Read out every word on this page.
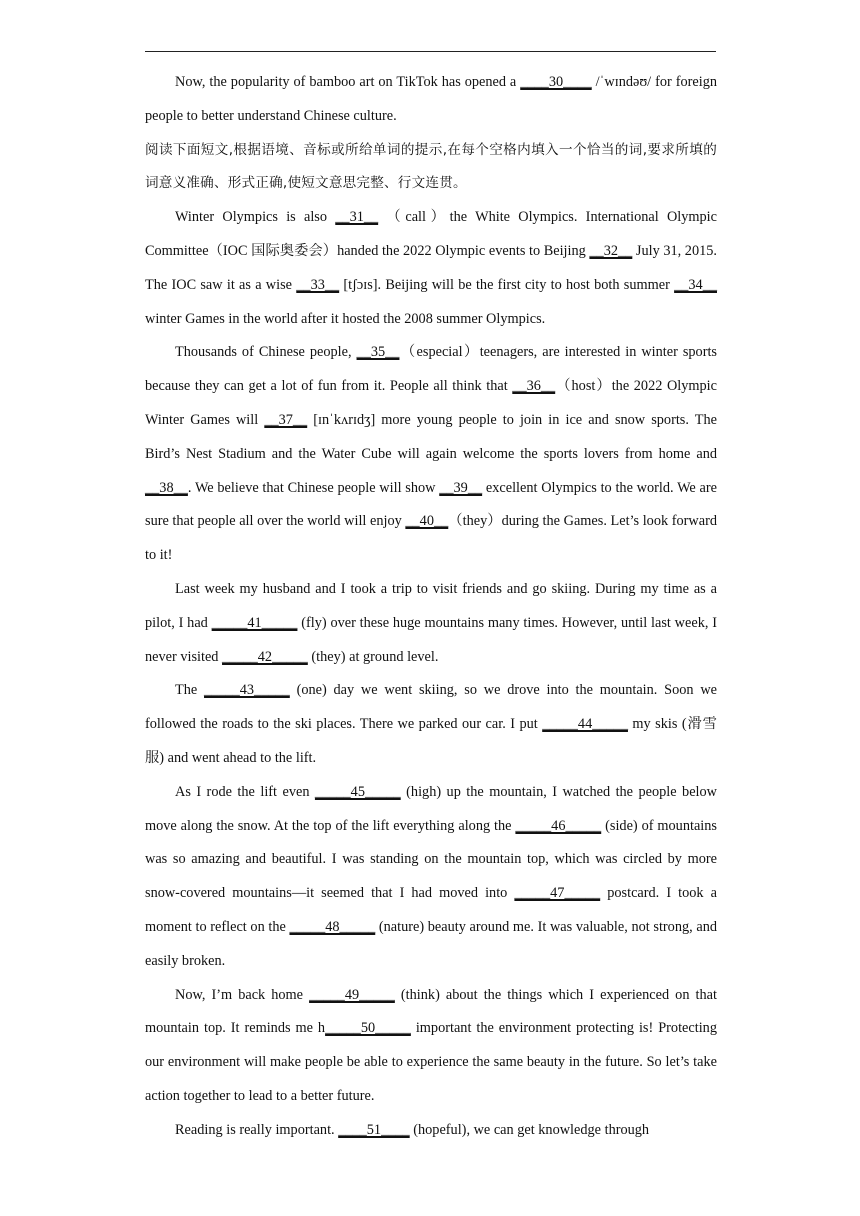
Now, the popularity of bamboo art on TikTok has opened a ____30____ /ˈwɪndəʊ/ for foreign people to better understand Chinese culture.

阅读下面短文,根据语境、音标或所给单词的提示,在每个空格内填入一个恰当的词,要求所填的词意义准确、形式正确,使短文意思完整、行文连贯。

Winter Olympics is also __31__ （call）the White Olympics. International Olympic Committee（IOC 国际奥委会）handed the 2022 Olympic events to Beijing __32__ July 31, 2015. The IOC saw it as a wise __33__ [tʃɔɪs]. Beijing will be the first city to host both summer __34__ winter Games in the world after it hosted the 2008 summer Olympics.

Thousands of Chinese people, __35__（especial）teenagers, are interested in winter sports because they can get a lot of fun from it. People all think that __36__（host）the 2022 Olympic Winter Games will __37__ [ɪnˈkʌrɪdʒ] more young people to join in ice and snow sports. The Bird’s Nest Stadium and the Water Cube will again welcome the sports lovers from home and __38__. We believe that Chinese people will show __39__ excellent Olympics to the world. We are sure that people all over the world will enjoy __40__（they）during the Games. Let’s look forward to it!

Last week my husband and I took a trip to visit friends and go skiing. During my time as a pilot, I had _____41_____ (fly) over these huge mountains many times. However, until last week, I never visited _____42_____ (they) at ground level.

The _____43_____ (one) day we went skiing, so we drove into the mountain. Soon we followed the roads to the ski places. There we parked our car. I put _____44_____ my skis (滑雪服) and went ahead to the lift.

As I rode the lift even _____45_____ (high) up the mountain, I watched the people below move along the snow. At the top of the lift everything along the _____46_____ (side) of mountains was so amazing and beautiful. I was standing on the mountain top, which was circled by more snow-covered mountains—it seemed that I had moved into _____47_____ postcard. I took a moment to reflect on the _____48_____ (nature) beauty around me. It was valuable, not strong, and easily broken.

Now, I’m back home _____49_____ (think) about the things which I experienced on that mountain top. It reminds me h_____50_____ important the environment protecting is! Protecting our environment will make people be able to experience the same beauty in the future. So let’s take action together to lead to a better future.

Reading is really important. ____51____ (hopeful), we can get knowledge through
